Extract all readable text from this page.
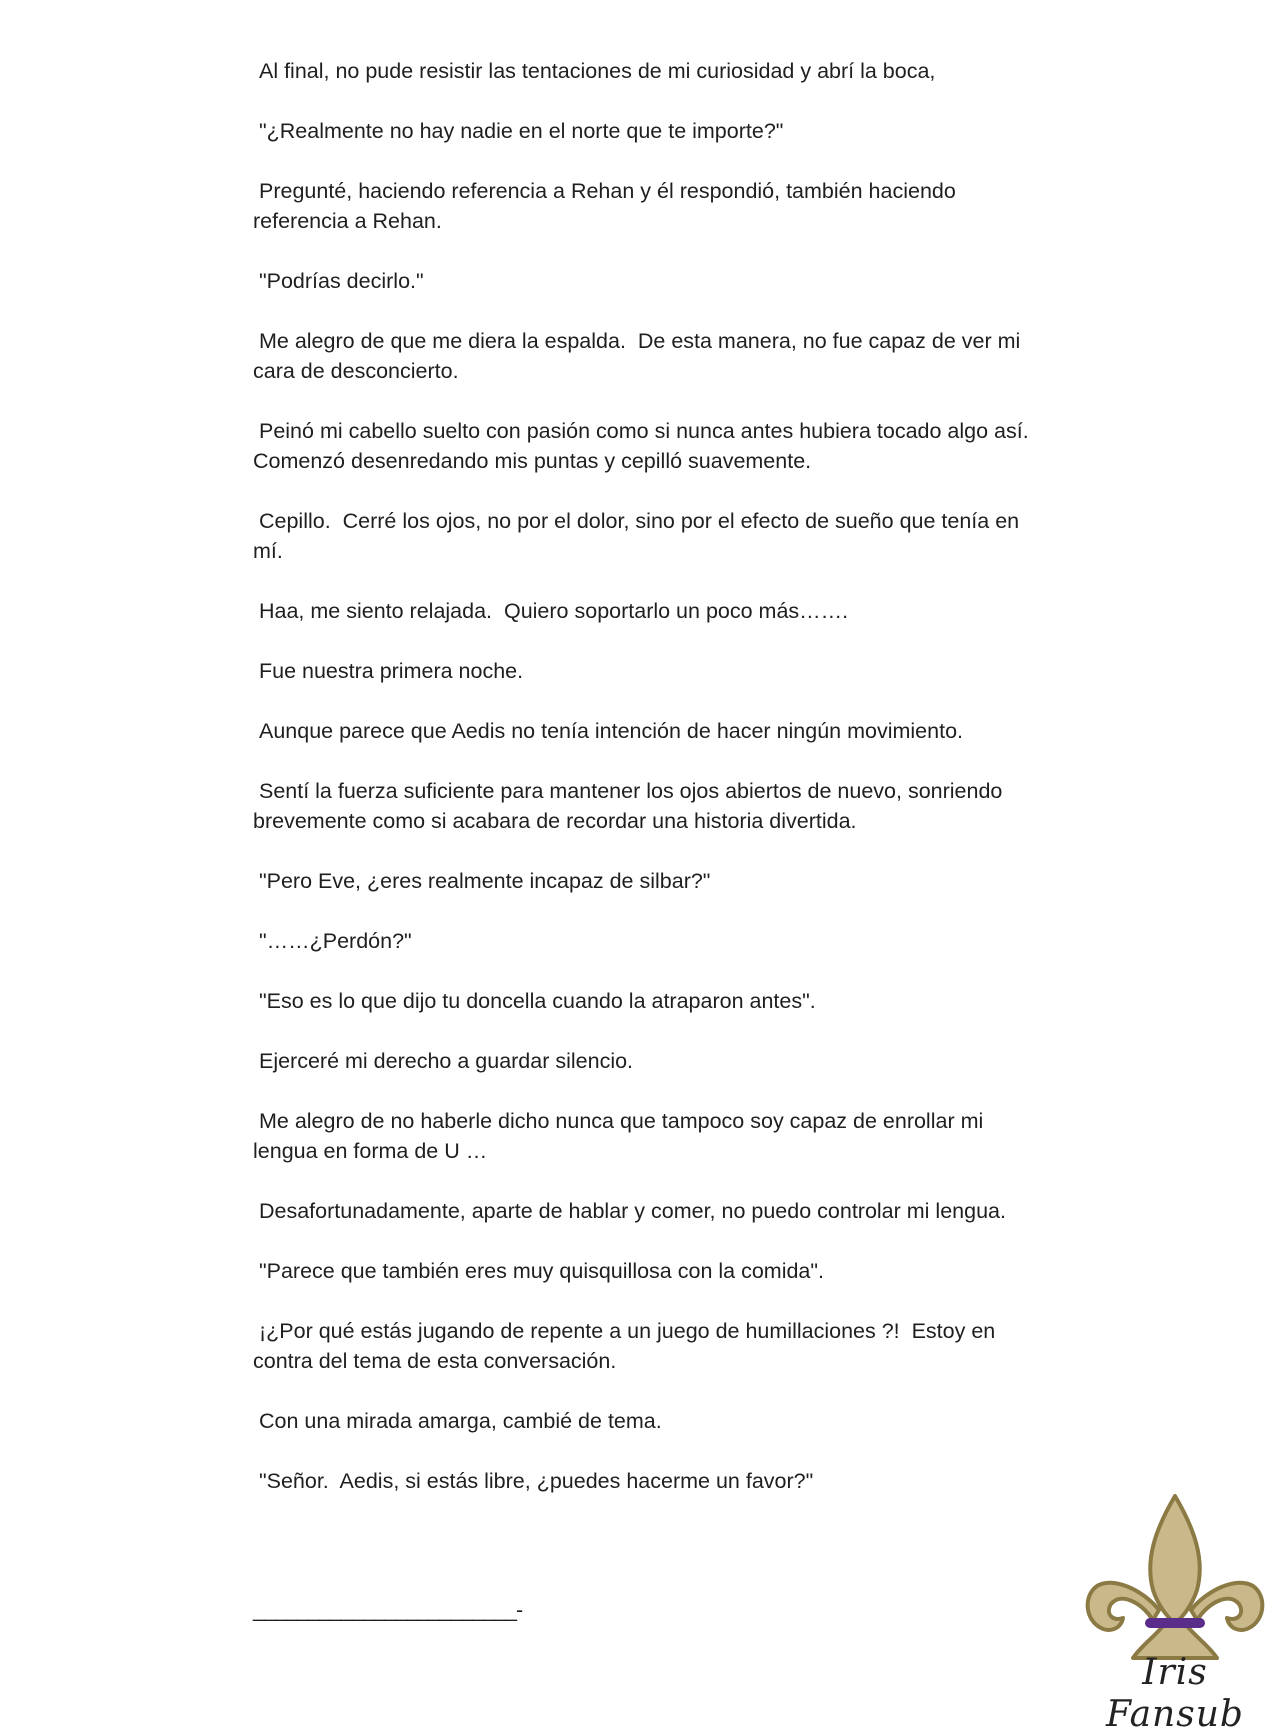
Al final, no pude resistir las tentaciones de mi curiosidad y abrí la boca,

"¿Realmente no hay nadie en el norte que te importe?"

Pregunté, haciendo referencia a Rehan y él respondió, también haciendo referencia a Rehan.

"Podrías decirlo."

Me alegro de que me diera la espalda.  De esta manera, no fue capaz de ver mi cara de desconcierto.

Peinó mi cabello suelto con pasión como si nunca antes hubiera tocado algo así.  Comenzó desenredando mis puntas y cepilló suavemente.

Cepillo.  Cerré los ojos, no por el dolor, sino por el efecto de sueño que tenía en mí.

Haa, me siento relajada.  Quiero soportarlo un poco más…….

Fue nuestra primera noche.

Aunque parece que Aedis no tenía intención de hacer ningún movimiento.

Sentí la fuerza suficiente para mantener los ojos abiertos de nuevo, sonriendo brevemente como si acabara de recordar una historia divertida.

"Pero Eve, ¿eres realmente incapaz de silbar?"

"……¿Perdón?"

"Eso es lo que dijo tu doncella cuando la atraparon antes".

Ejerceré mi derecho a guardar silencio.

Me alegro de no haberle dicho nunca que tampoco soy capaz de enrollar mi lengua en forma de U …

Desafortunadamente, aparte de hablar y comer, no puedo controlar mi lengua.

"Parece que también eres muy quisquillosa con la comida".

¡¿Por qué estás jugando de repente a un juego de humillaciones ?!  Estoy en contra del tema de esta conversación.

Con una mirada amarga, cambié de tema.

"Señor.  Aedis, si estás libre, ¿puedes hacerme un favor?"

________________________-
Iris Fansub
